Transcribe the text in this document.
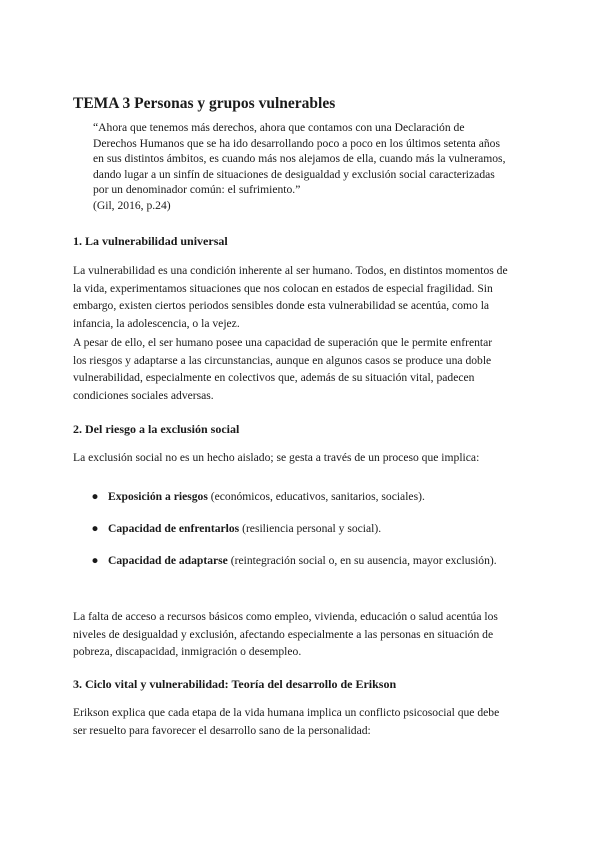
TEMA 3 Personas y grupos vulnerables
“Ahora que tenemos más derechos, ahora que contamos con una Declaración de
Derechos Humanos que se ha ido desarrollando poco a poco en los últimos setenta años
en sus distintos ámbitos, es cuando más nos alejamos de ella, cuando más la vulneramos,
dando lugar a un sinfín de situaciones de desigualdad y exclusión social caracterizadas
por un denominador común: el sufrimiento.”
(Gil, 2016, p.24)
1. La vulnerabilidad universal
La vulnerabilidad es una condición inherente al ser humano. Todos, en distintos momentos de
la vida, experimentamos situaciones que nos colocan en estados de especial fragilidad. Sin
embargo, existen ciertos periodos sensibles donde esta vulnerabilidad se acentúa, como la
infancia, la adolescencia, o la vejez.
A pesar de ello, el ser humano posee una capacidad de superación que le permite enfrentar
los riesgos y adaptarse a las circunstancias, aunque en algunos casos se produce una doble
vulnerabilidad, especialmente en colectivos que, además de su situación vital, padecen
condiciones sociales adversas.
2. Del riesgo a la exclusión social
La exclusión social no es un hecho aislado; se gesta a través de un proceso que implica:
● Exposición a riesgos (económicos, educativos, sanitarios, sociales).
● Capacidad de enfrentarlos (resiliencia personal y social).
● Capacidad de adaptarse (reintegración social o, en su ausencia, mayor exclusión).
La falta de acceso a recursos básicos como empleo, vivienda, educación o salud acentúa los
niveles de desigualdad y exclusión, afectando especialmente a las personas en situación de
pobreza, discapacidad, inmigración o desempleo.
3. Ciclo vital y vulnerabilidad: Teoría del desarrollo de Erikson
Erikson explica que cada etapa de la vida humana implica un conflicto psicosocial que debe
ser resuelto para favorecer el desarrollo sano de la personalidad:
